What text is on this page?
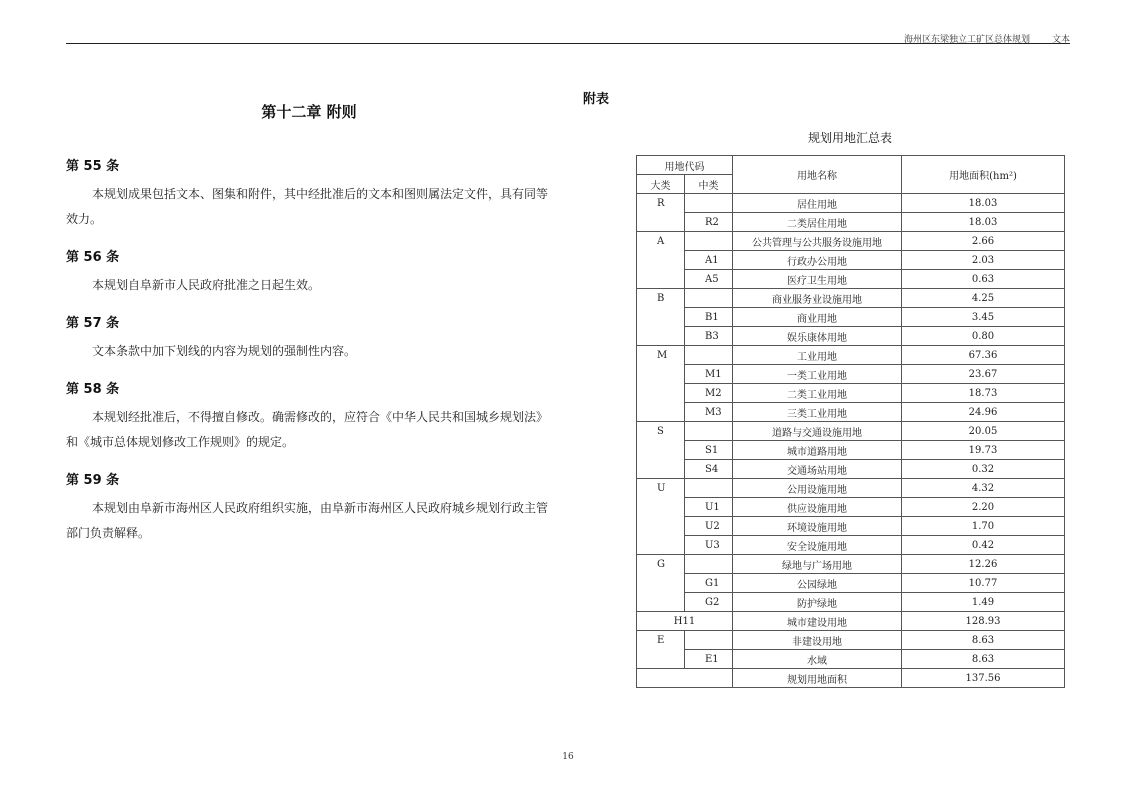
海州区东梁独立工矿区总体规划 文本
第十二章 附则
第 55 条
本规划成果包括文本、图集和附件，其中经批准后的文本和图则属法定文件，具有同等效力。
第 56 条
本规划自阜新市人民政府批准之日起生效。
第 57 条
文本条款中加下划线的内容为规划的强制性内容。
第 58 条
本规划经批准后，不得擅自修改。确需修改的，应符合《中华人民共和国城乡规划法》和《城市总体规划修改工作规则》的规定。
第 59 条
本规划由阜新市海州区人民政府组织实施，由阜新市海州区人民政府城乡规划行政主管部门负责解释。
附表
规划用地汇总表
用地代码		用地名称	用地面积(hm²)
大类	中类		
R		居住用地	18.03
	R2	二类居住用地	18.03
A		公共管理与公共服务设施用地	2.66
	A1	行政办公用地	2.03
	A5	医疗卫生用地	0.63
B		商业服务业设施用地	4.25
	B1	商业用地	3.45
	B3	娱乐康体用地	0.80
M		工业用地	67.36
	M1	一类工业用地	23.67
	M2	二类工业用地	18.73
	M3	三类工业用地	24.96
S		道路与交通设施用地	20.05
	S1	城市道路用地	19.73
	S4	交通场站用地	0.32
U		公用设施用地	4.32
	U1	供应设施用地	2.20
	U2	环境设施用地	1.70
	U3	安全设施用地	0.42
G		绿地与广场用地	12.26
	G1	公园绿地	10.77
	G2	防护绿地	1.49
H11		城市建设用地	128.93
E		非建设用地	8.63
	E1	水域	8.63
		规划用地面积	137.56
16
